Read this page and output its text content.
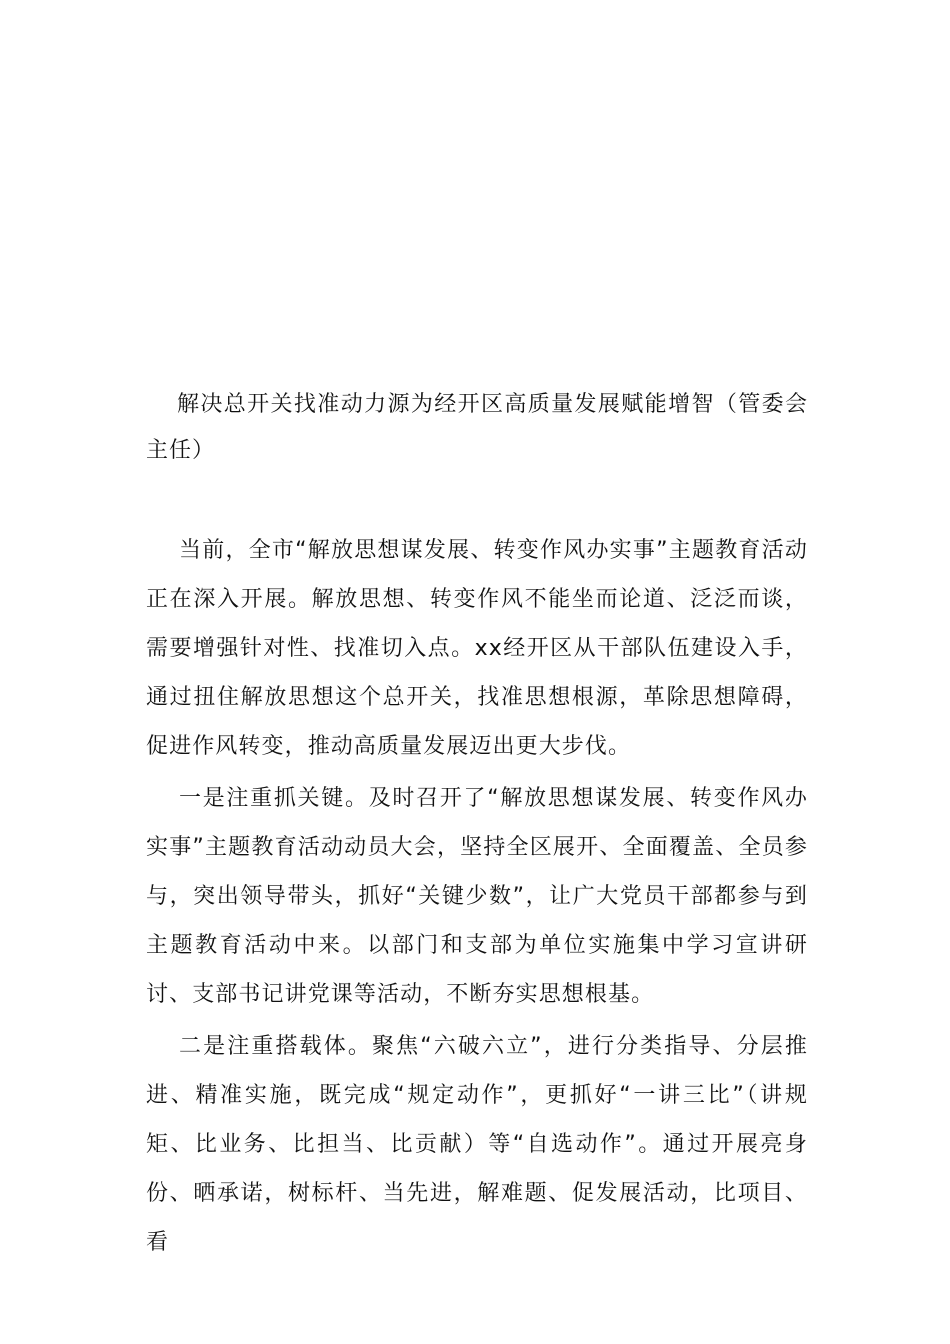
解决总开关找准动力源为经开区高质量发展赋能增智（管委会主任）

当前，全市“解放思想谋发展、转变作风办实事”主题教育活动正在深入开展。解放思想、转变作风不能坐而论道、泛泛而谈，需要增强针对性、找准切入点。xx经开区从干部队伍建设入手，通过扭住解放思想这个总开关，找准思想根源，革除思想障碍，促进作风转变，推动高质量发展迈出更大步伐。

一是注重抓关键。及时召开了“解放思想谋发展、转变作风办实事”主题教育活动动员大会，坚持全区展开、全面覆盖、全员参与，突出领导带头，抓好“关键少数”，让广大党员干部都参与到主题教育活动中来。以部门和支部为单位实施集中学习宣讲研讨、支部书记讲党课等活动，不断夯实思想根基。

二是注重搭载体。聚焦“六破六立”，进行分类指导、分层推进、精准实施，既完成“规定动作”，更抓好“一讲三比”（讲规矩、比业务、比担当、比贡献）等“自选动作”。通过开展亮身份、晒承诺，树标杆、当先进，解难题、促发展活动，比项目、看
